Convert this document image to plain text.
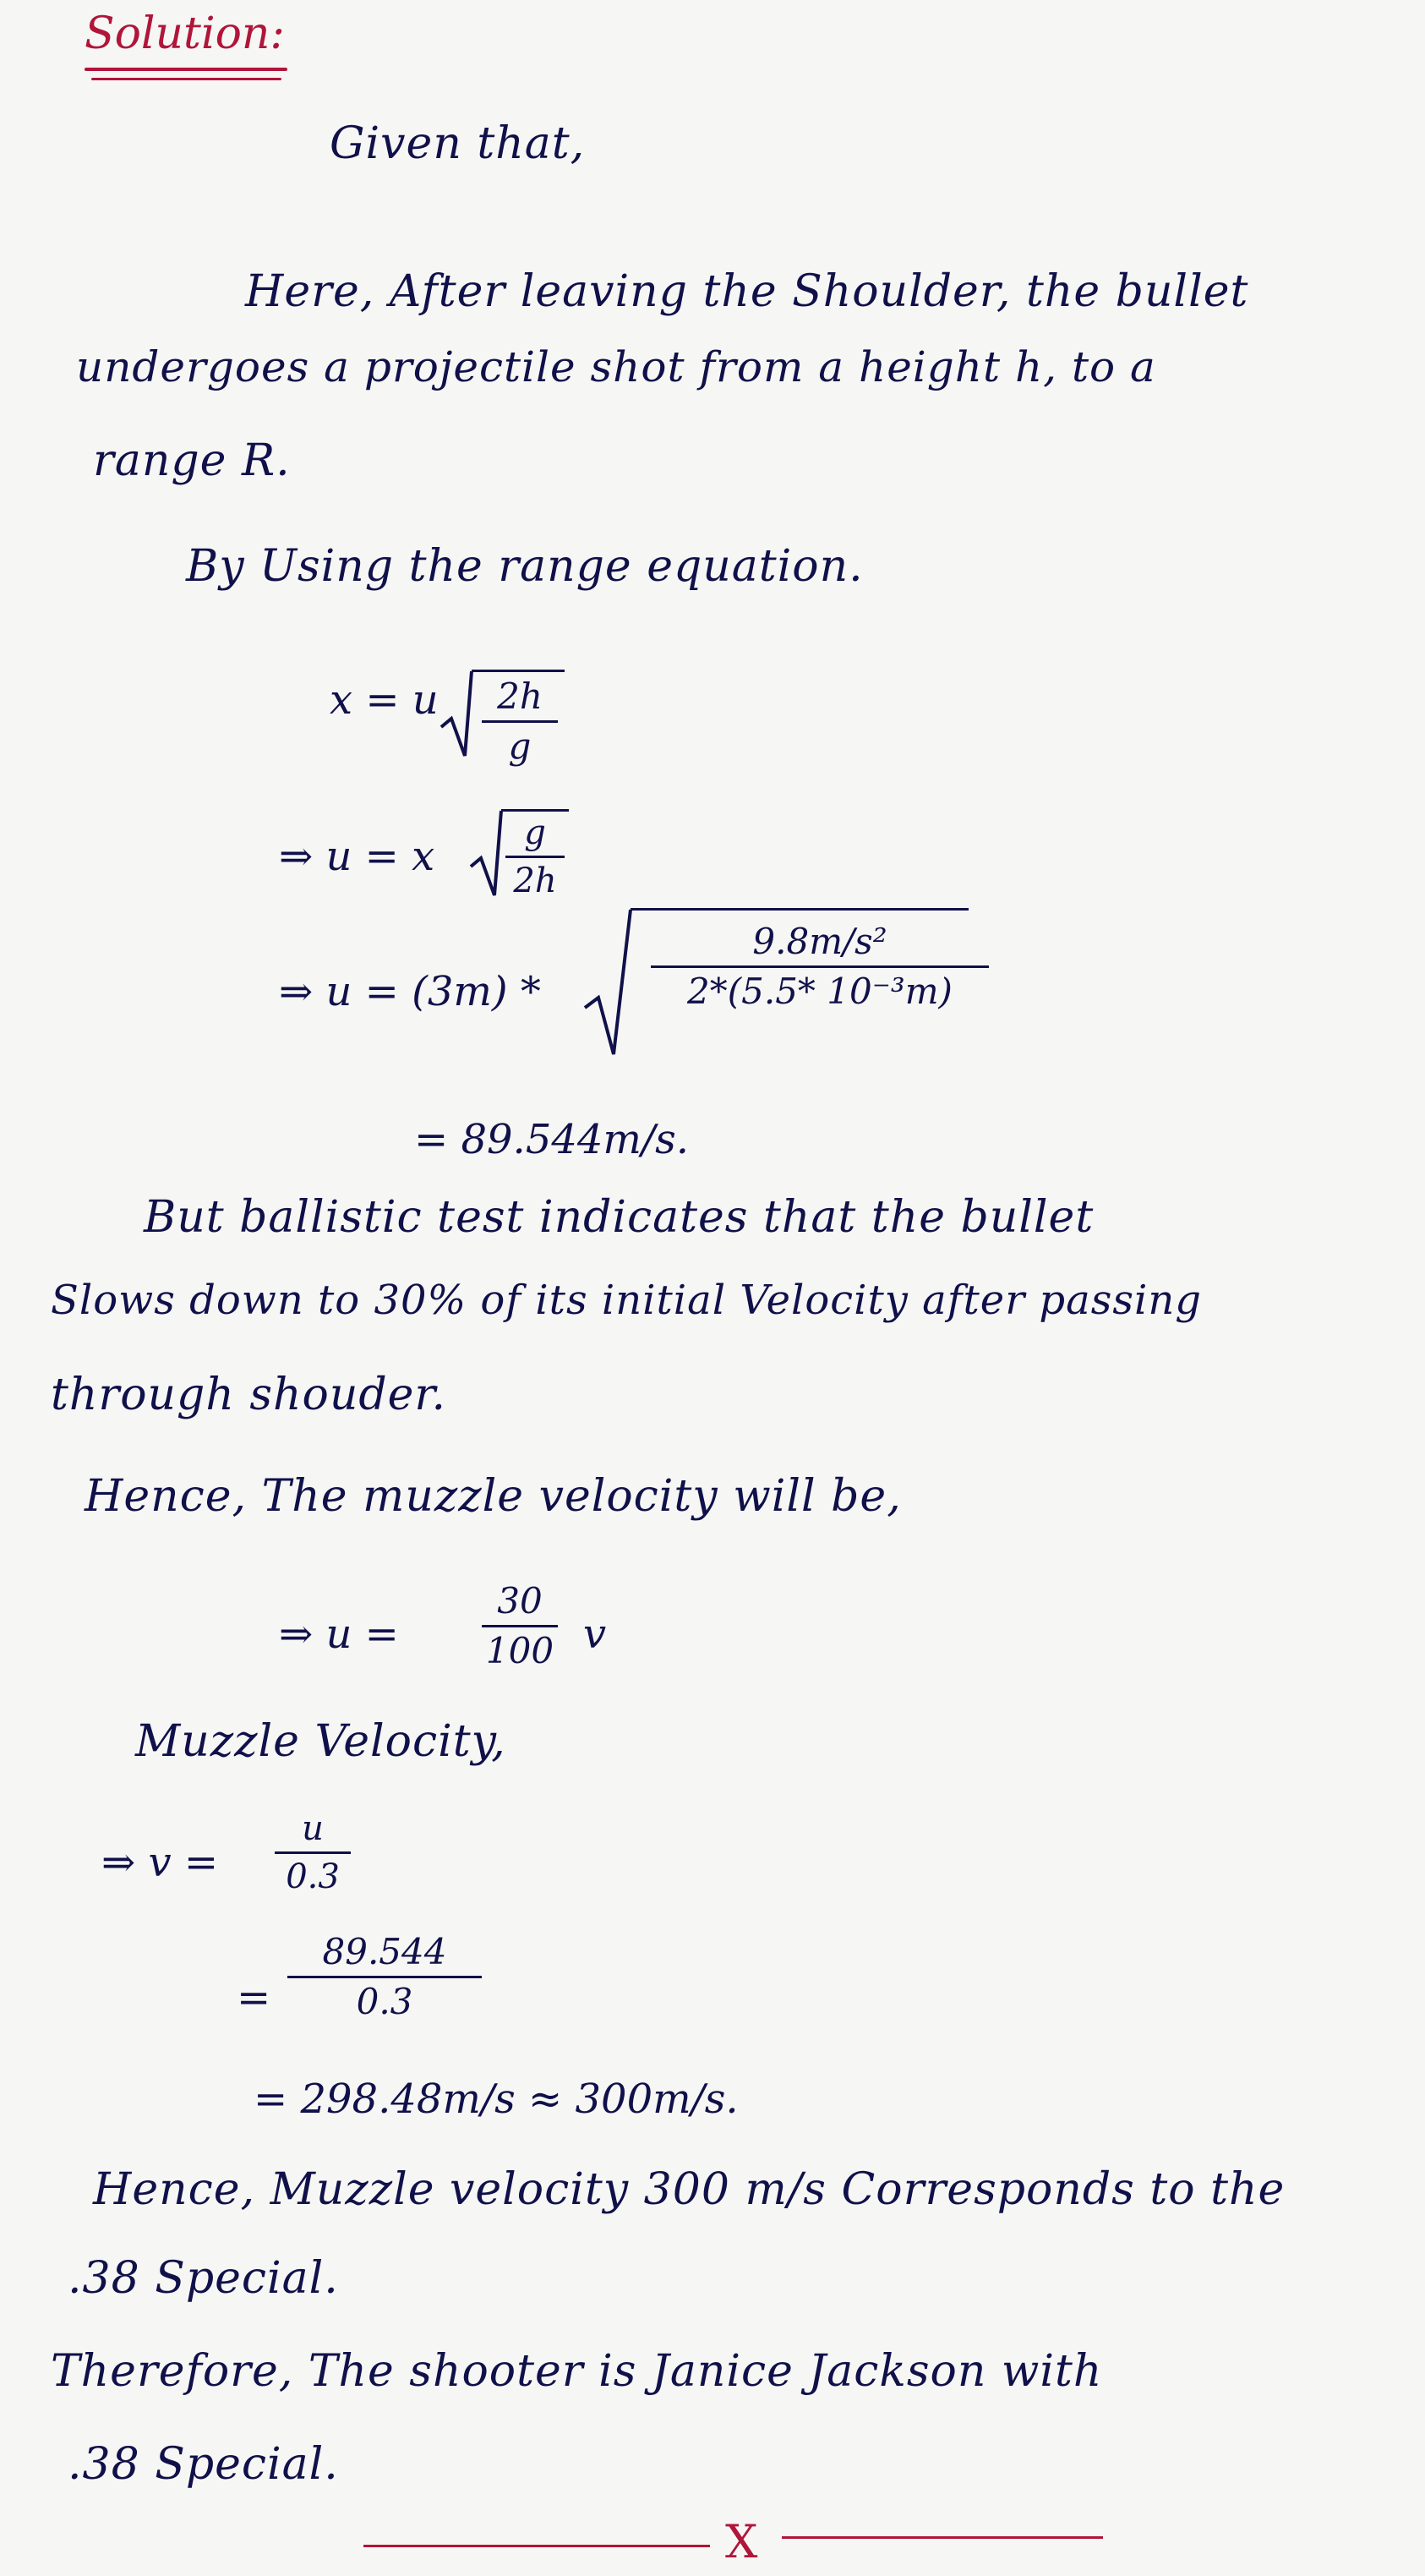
Solution:
Given that,
Here, After leaving the Shoulder, the bullet
undergoes a projectile shot from a height h, to a
range R.
By Using the range equation.
x = u	2h
g
⇒ u = x	g
2h
⇒ u = (3m) *
9.8m/s²
2*(5.5* 10⁻³m)
= 89.544m/s.
But ballistic test indicates that the bullet
Slows down to 30% of its initial Velocity after passing
through shouder.
Hence, The muzzle velocity will be,
⇒ u =
30
100 v
Muzzle Velocity,
⇒ v =
u
0.3
=
89.544
0.3
= 298.48m/s ≈ 300m/s.
Hence, Muzzle velocity 300 m/s Corresponds to the
.38 Special.
Therefore, The shooter is Janice Jackson with
.38 Special.
X
